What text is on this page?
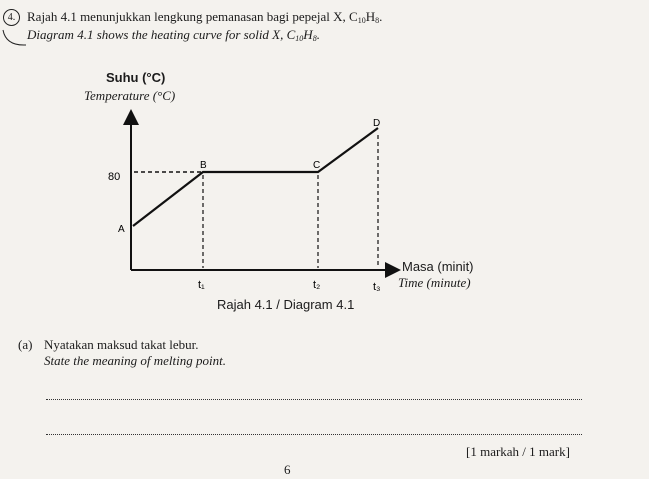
4. Rajah 4.1 menunjukkan lengkung pemanasan bagi pepejal X, $C_{10}H_8$.
Diagram 4.1 shows the heating curve for solid X, $C_{10}H_8$.
Suhu (°C)
Temperature (°C)
Masa (minit)
Time (minute)
80
A
B	C
D
t₁	t₂	t₃
Rajah 4.1 / Diagram 4.1
(a) Nyatakan maksud takat lebur.
State the meaning of melting point.
[1 markah / 1 mark]
6
